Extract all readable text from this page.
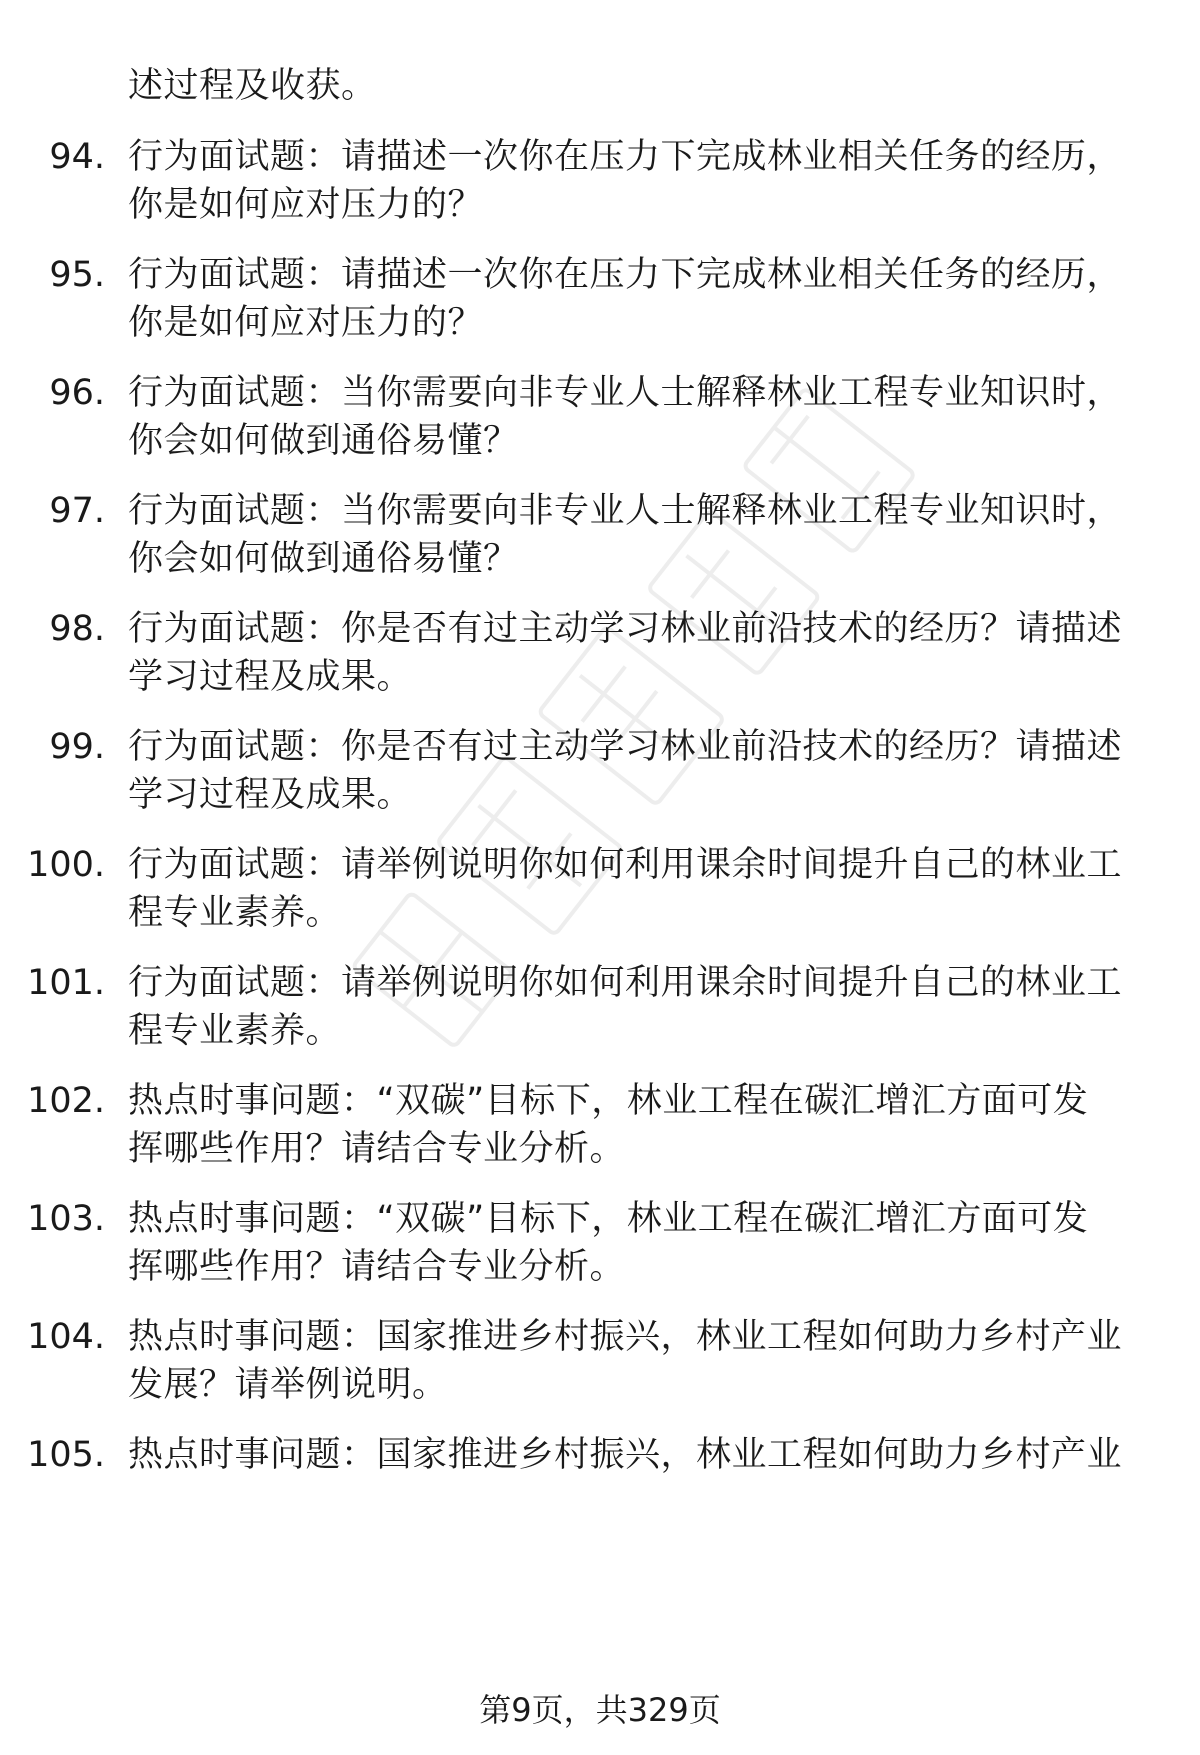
述过程及收获。
94. 行为面试题：请描述一次你在压力下完成林业相关任务的经历，
你是如何应对压力的？
95. 行为面试题：请描述一次你在压力下完成林业相关任务的经历，
你是如何应对压力的？
96. 行为面试题：当你需要向非专业人士解释林业工程专业知识时，
你会如何做到通俗易懂？
97. 行为面试题：当你需要向非专业人士解释林业工程专业知识时，
你会如何做到通俗易懂？
98. 行为面试题：你是否有过主动学习林业前沿技术的经历？请描述
学习过程及成果。
99. 行为面试题：你是否有过主动学习林业前沿技术的经历？请描述
学习过程及成果。
100. 行为面试题：请举例说明你如何利用课余时间提升自己的林业工
程专业素养。
101. 行为面试题：请举例说明你如何利用课余时间提升自己的林业工
程专业素养。
102. 热点时事问题：“双碳”目标下，林业工程在碳汇增汇方面可发
挥哪些作用？请结合专业分析。
103. 热点时事问题：“双碳”目标下，林业工程在碳汇增汇方面可发
挥哪些作用？请结合专业分析。
104. 热点时事问题：国家推进乡村振兴，林业工程如何助力乡村产业
发展？请举例说明。
105. 热点时事问题：国家推进乡村振兴，林业工程如何助力乡村产业
第9页，共329页
